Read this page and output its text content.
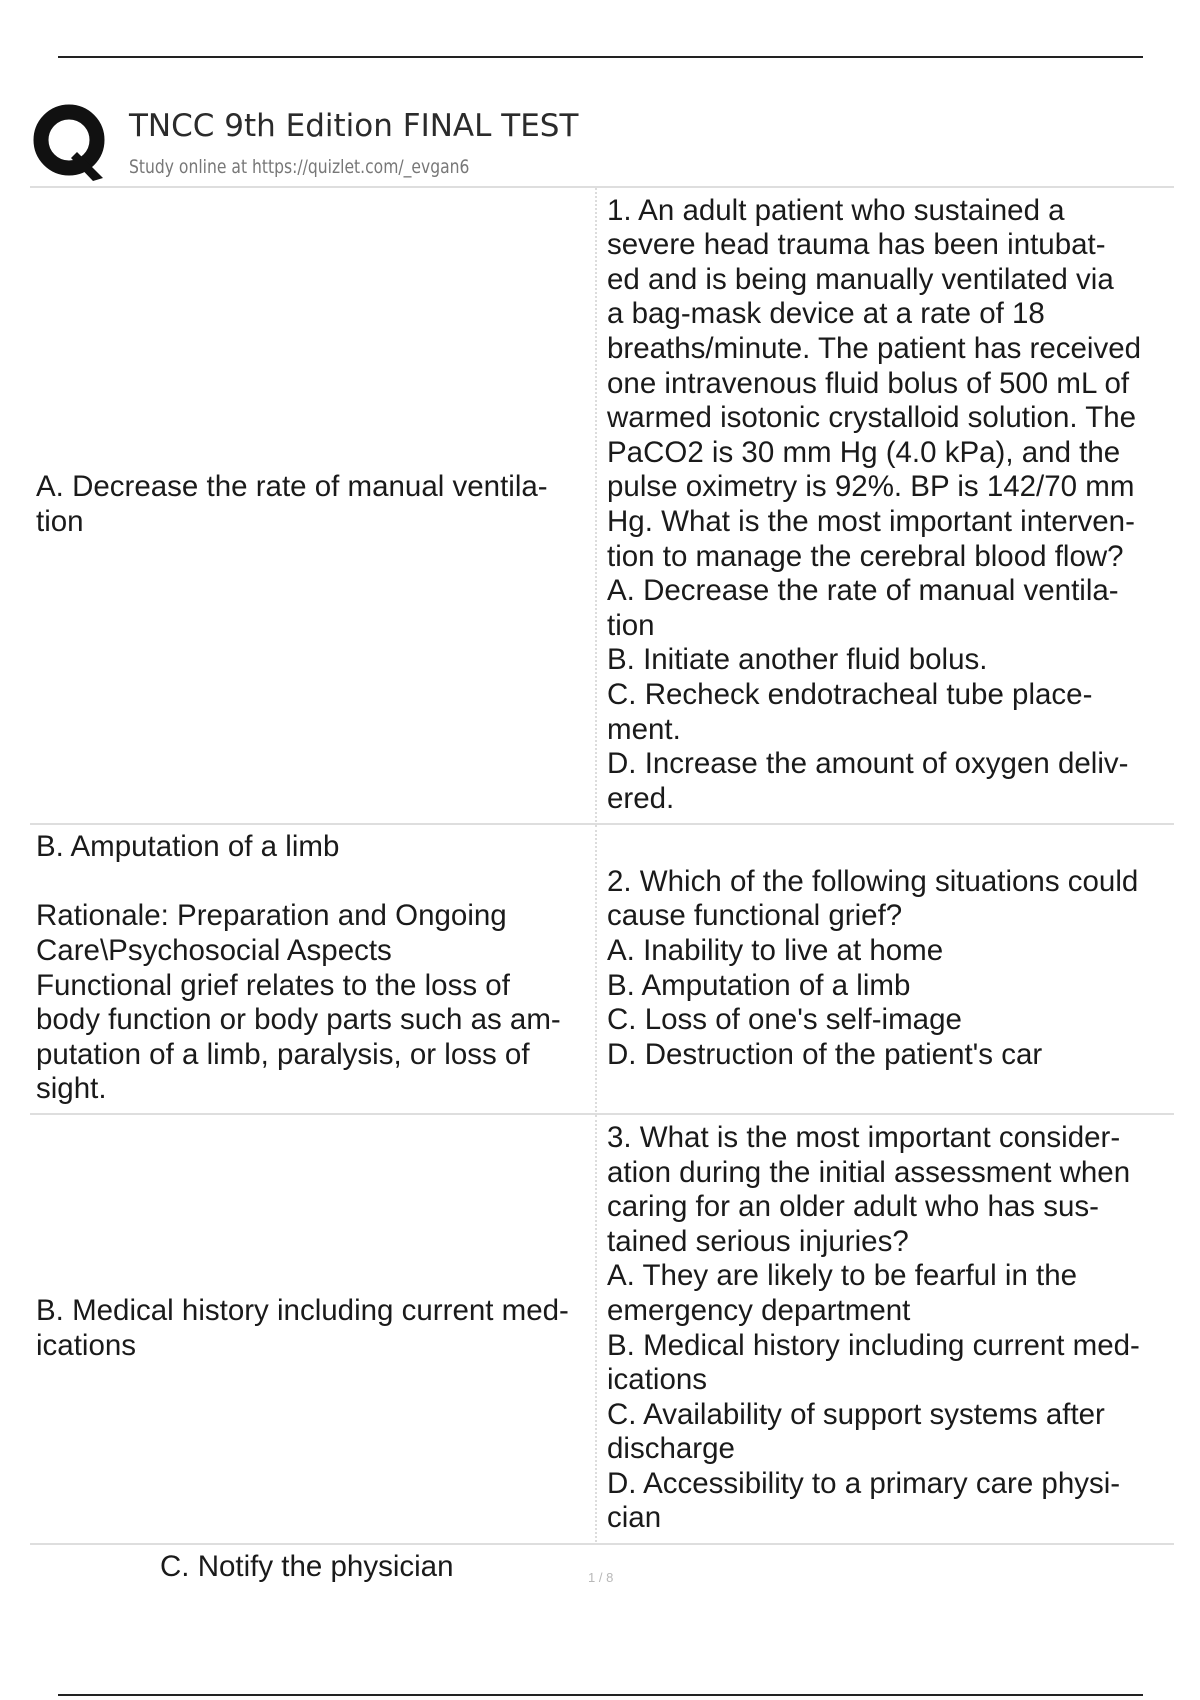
TNCC 9th Edition FINAL TEST
Study online at https://quizlet.com/_evgan6
A. Decrease the rate of manual ventila-
tion
1. An adult patient who sustained a
severe head trauma has been intubat-
ed and is being manually ventilated via
a bag-mask device at a rate of 18
breaths/minute. The patient has received
one intravenous fluid bolus of 500 mL of
warmed isotonic crystalloid solution. The
PaCO2 is 30 mm Hg (4.0 kPa), and the
pulse oximetry is 92%. BP is 142/70 mm
Hg. What is the most important interven-
tion to manage the cerebral blood flow?
A. Decrease the rate of manual ventila-
tion
B. Initiate another fluid bolus.
C. Recheck endotracheal tube place-
ment.
D. Increase the amount of oxygen deliv-
ered.
B. Amputation of a limb

Rationale: Preparation and Ongoing
Care\Psychosocial Aspects
Functional grief relates to the loss of
body function or body parts such as am-
putation of a limb, paralysis, or loss of
sight.
2. Which of the following situations could
cause functional grief?
A. Inability to live at home
B. Amputation of a limb
C. Loss of one's self-image
D. Destruction of the patient's car
B. Medical history including current med-
ications
3. What is the most important consider-
ation during the initial assessment when
caring for an older adult who has sus-
tained serious injuries?
A. They are likely to be fearful in the
emergency department
B. Medical history including current med-
ications
C. Availability of support systems after
discharge
D. Accessibility to a primary care physi-
cian
C. Notify the physician	1 / 8
